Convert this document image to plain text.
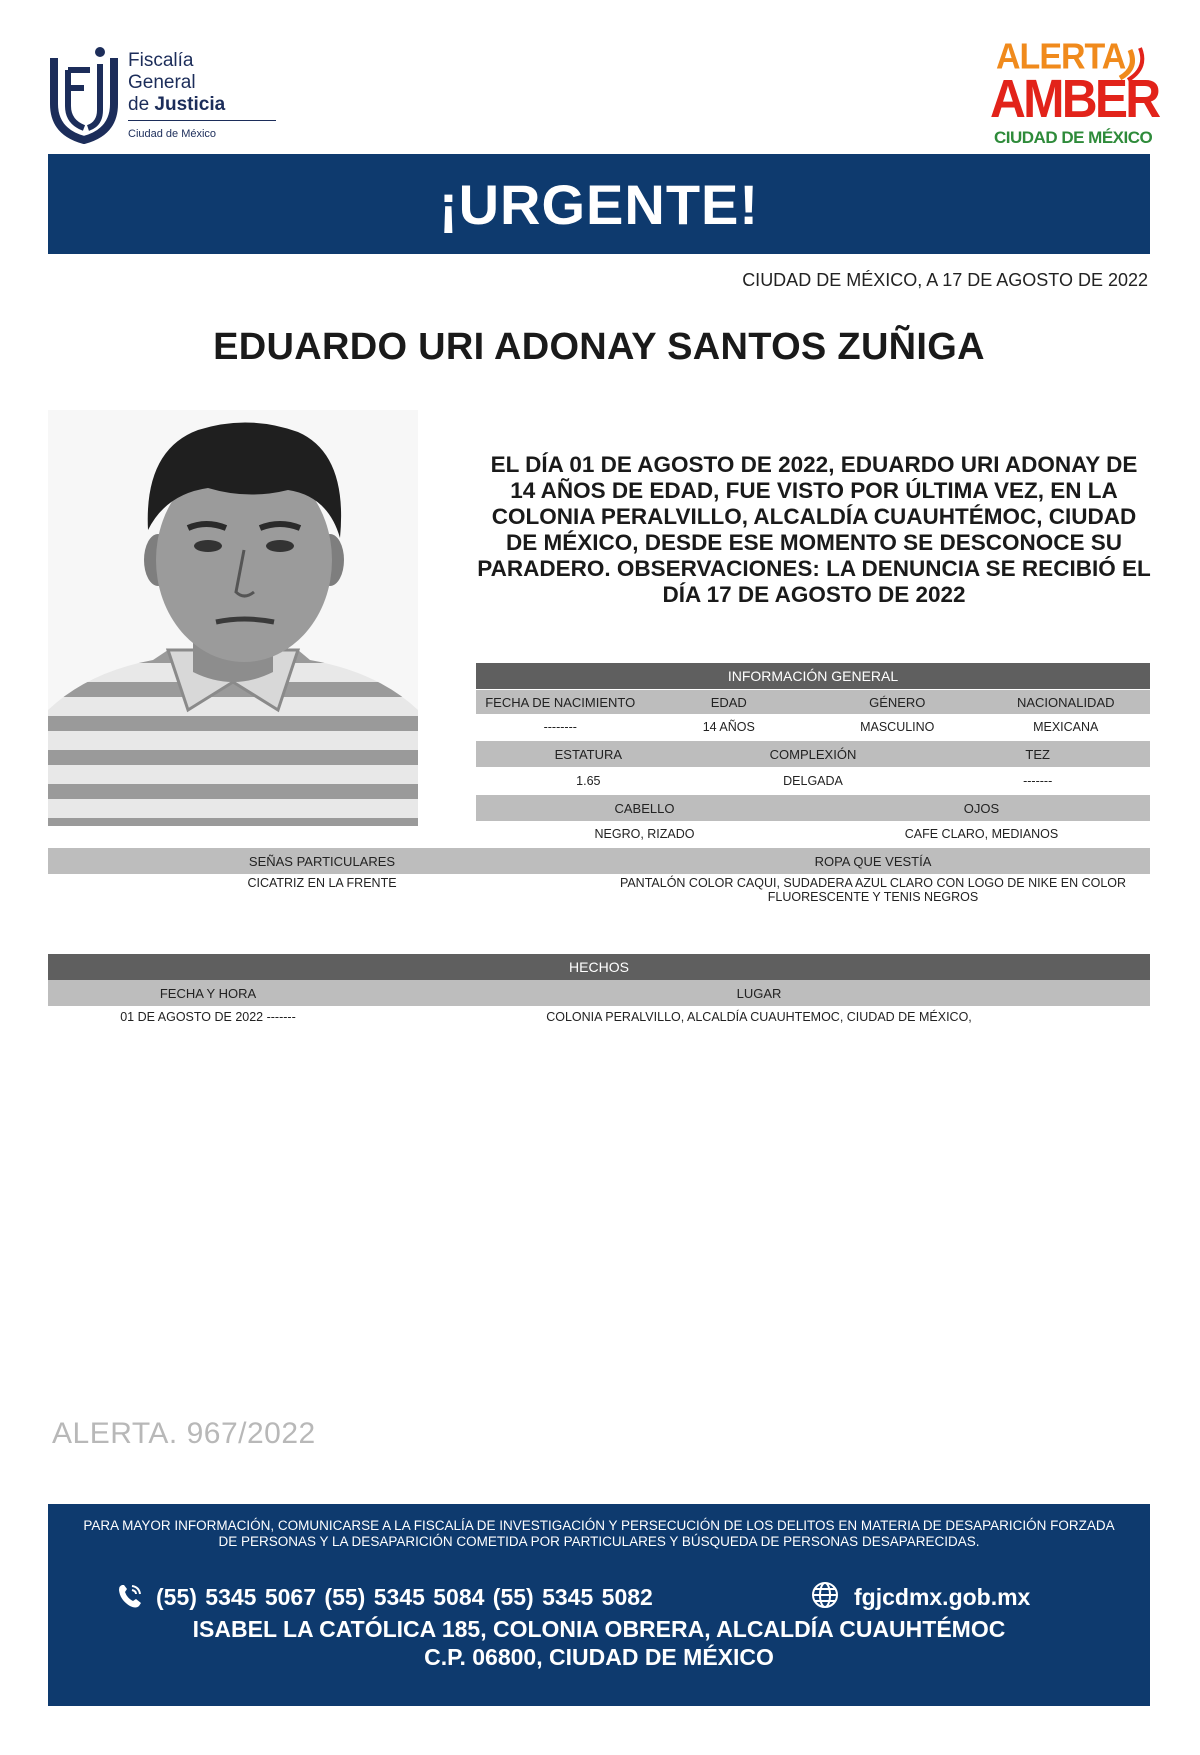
Fiscalía
General
de Justicia
Ciudad de México
ALERTA
AMBER
CIUDAD DE MÉXICO
¡URGENTE!
CIUDAD DE MÉXICO, A 17 DE AGOSTO DE 2022
EDUARDO URI ADONAY SANTOS ZUÑIGA
EL DÍA 01 DE AGOSTO DE 2022, EDUARDO URI ADONAY DE 14 AÑOS DE EDAD, FUE VISTO POR ÚLTIMA VEZ, EN LA COLONIA PERALVILLO, ALCALDÍA CUAUHTÉMOC, CIUDAD DE MÉXICO, DESDE ESE MOMENTO SE DESCONOCE SU PARADERO. OBSERVACIONES: LA DENUNCIA SE RECIBIÓ EL DÍA 17 DE AGOSTO DE 2022
INFORMACIÓN GENERAL
FECHA DE NACIMIENTO	EDAD	GÉNERO	NACIONALIDAD
--------	14 AÑOS	MASCULINO	MEXICANA
ESTATURA	COMPLEXIÓN	TEZ
1.65	DELGADA	-------
CABELLO	OJOS
NEGRO, RIZADO	CAFE CLARO, MEDIANOS
SEÑAS PARTICULARES	ROPA QUE VESTÍA
CICATRIZ EN LA FRENTE	PANTALÓN COLOR CAQUI, SUDADERA AZUL CLARO CON LOGO DE NIKE EN COLOR FLUORESCENTE Y TENIS NEGROS
HECHOS
FECHA Y HORA	LUGAR
01 DE AGOSTO DE 2022 -------	COLONIA PERALVILLO, ALCALDÍA CUAUHTEMOC, CIUDAD DE MÉXICO,
ALERTA. 967/2022
PARA MAYOR INFORMACIÓN, COMUNICARSE A LA FISCALÍA DE INVESTIGACIÓN Y PERSECUCIÓN DE LOS DELITOS EN MATERIA DE DESAPARICIÓN FORZADA DE PERSONAS Y LA DESAPARICIÓN COMETIDA POR PARTICULARES Y BÚSQUEDA DE PERSONAS DESAPARECIDAS.
(55) 5345 5067 (55) 5345 5084 (55) 5345 5082	fgjcdmx.gob.mx
ISABEL LA CATÓLICA 185, COLONIA OBRERA, ALCALDÍA CUAUHTÉMOC
C.P. 06800, CIUDAD DE MÉXICO
